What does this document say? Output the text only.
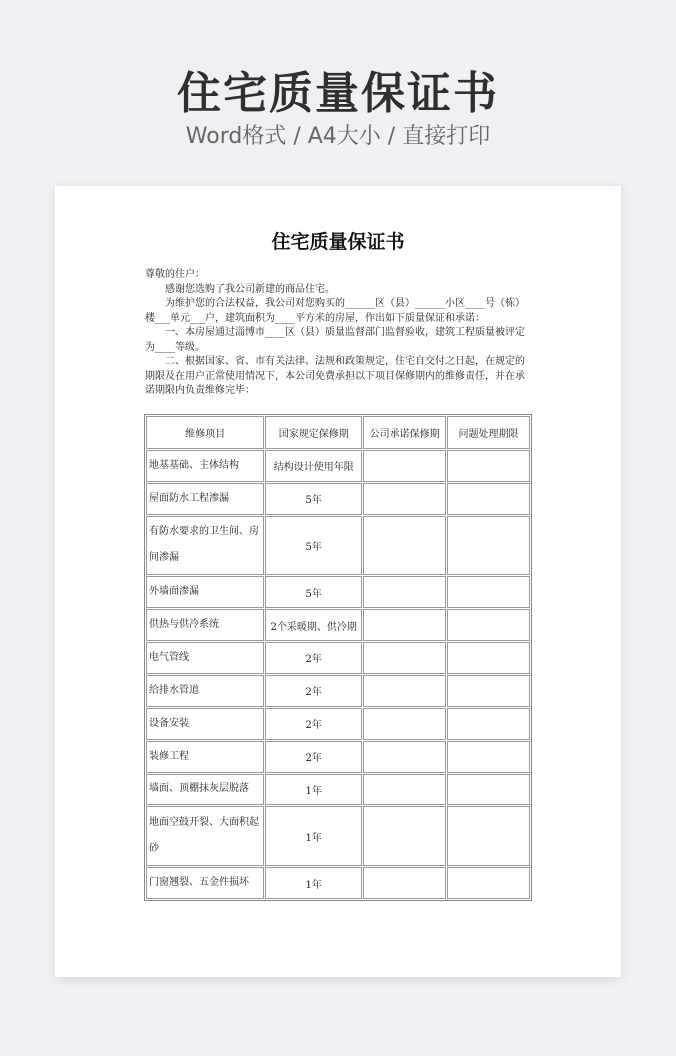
住宅质量保证书
Word格式 / A4大小 / 直接打印
住宅质量保证书

尊敬的住户：

感谢您选购了我公司新建的商品住宅。

为维护您的合法权益，我公司对您购买的______区（县）______小区____号（栋）楼___单元___户，建筑面积为____平方米的房屋，作出如下质量保证和承诺：

一、本房屋通过淄博市____区（县）质量监督部门监督验收，建筑工程质量被评定为____等级。

二、根据国家、省、市有关法律、法规和政策规定，住宅自交付之日起，在规定的期限及在用户正常使用情况下，本公司免费承担以下项目保修期内的维修责任，并在承诺期限内负责维修完毕：

维修项目	国家规定保修期	公司承诺保修期	问题处理期限
地基基础、主体结构	结构设计使用年限		
屋面防水工程渗漏	5年		
有防水要求的卫生间、房间渗漏	5年		
外墙面渗漏	5年		
供热与供冷系统	2个采暖期、供冷期		
电气管线	2年		
给排水管道	2年		
设备安装	2年		
装修工程	2年		
墙面、顶棚抹灰层脱落	1年		
地面空鼓开裂、大面积起砂	1年		
门窗翘裂、五金件损坏	1年		
